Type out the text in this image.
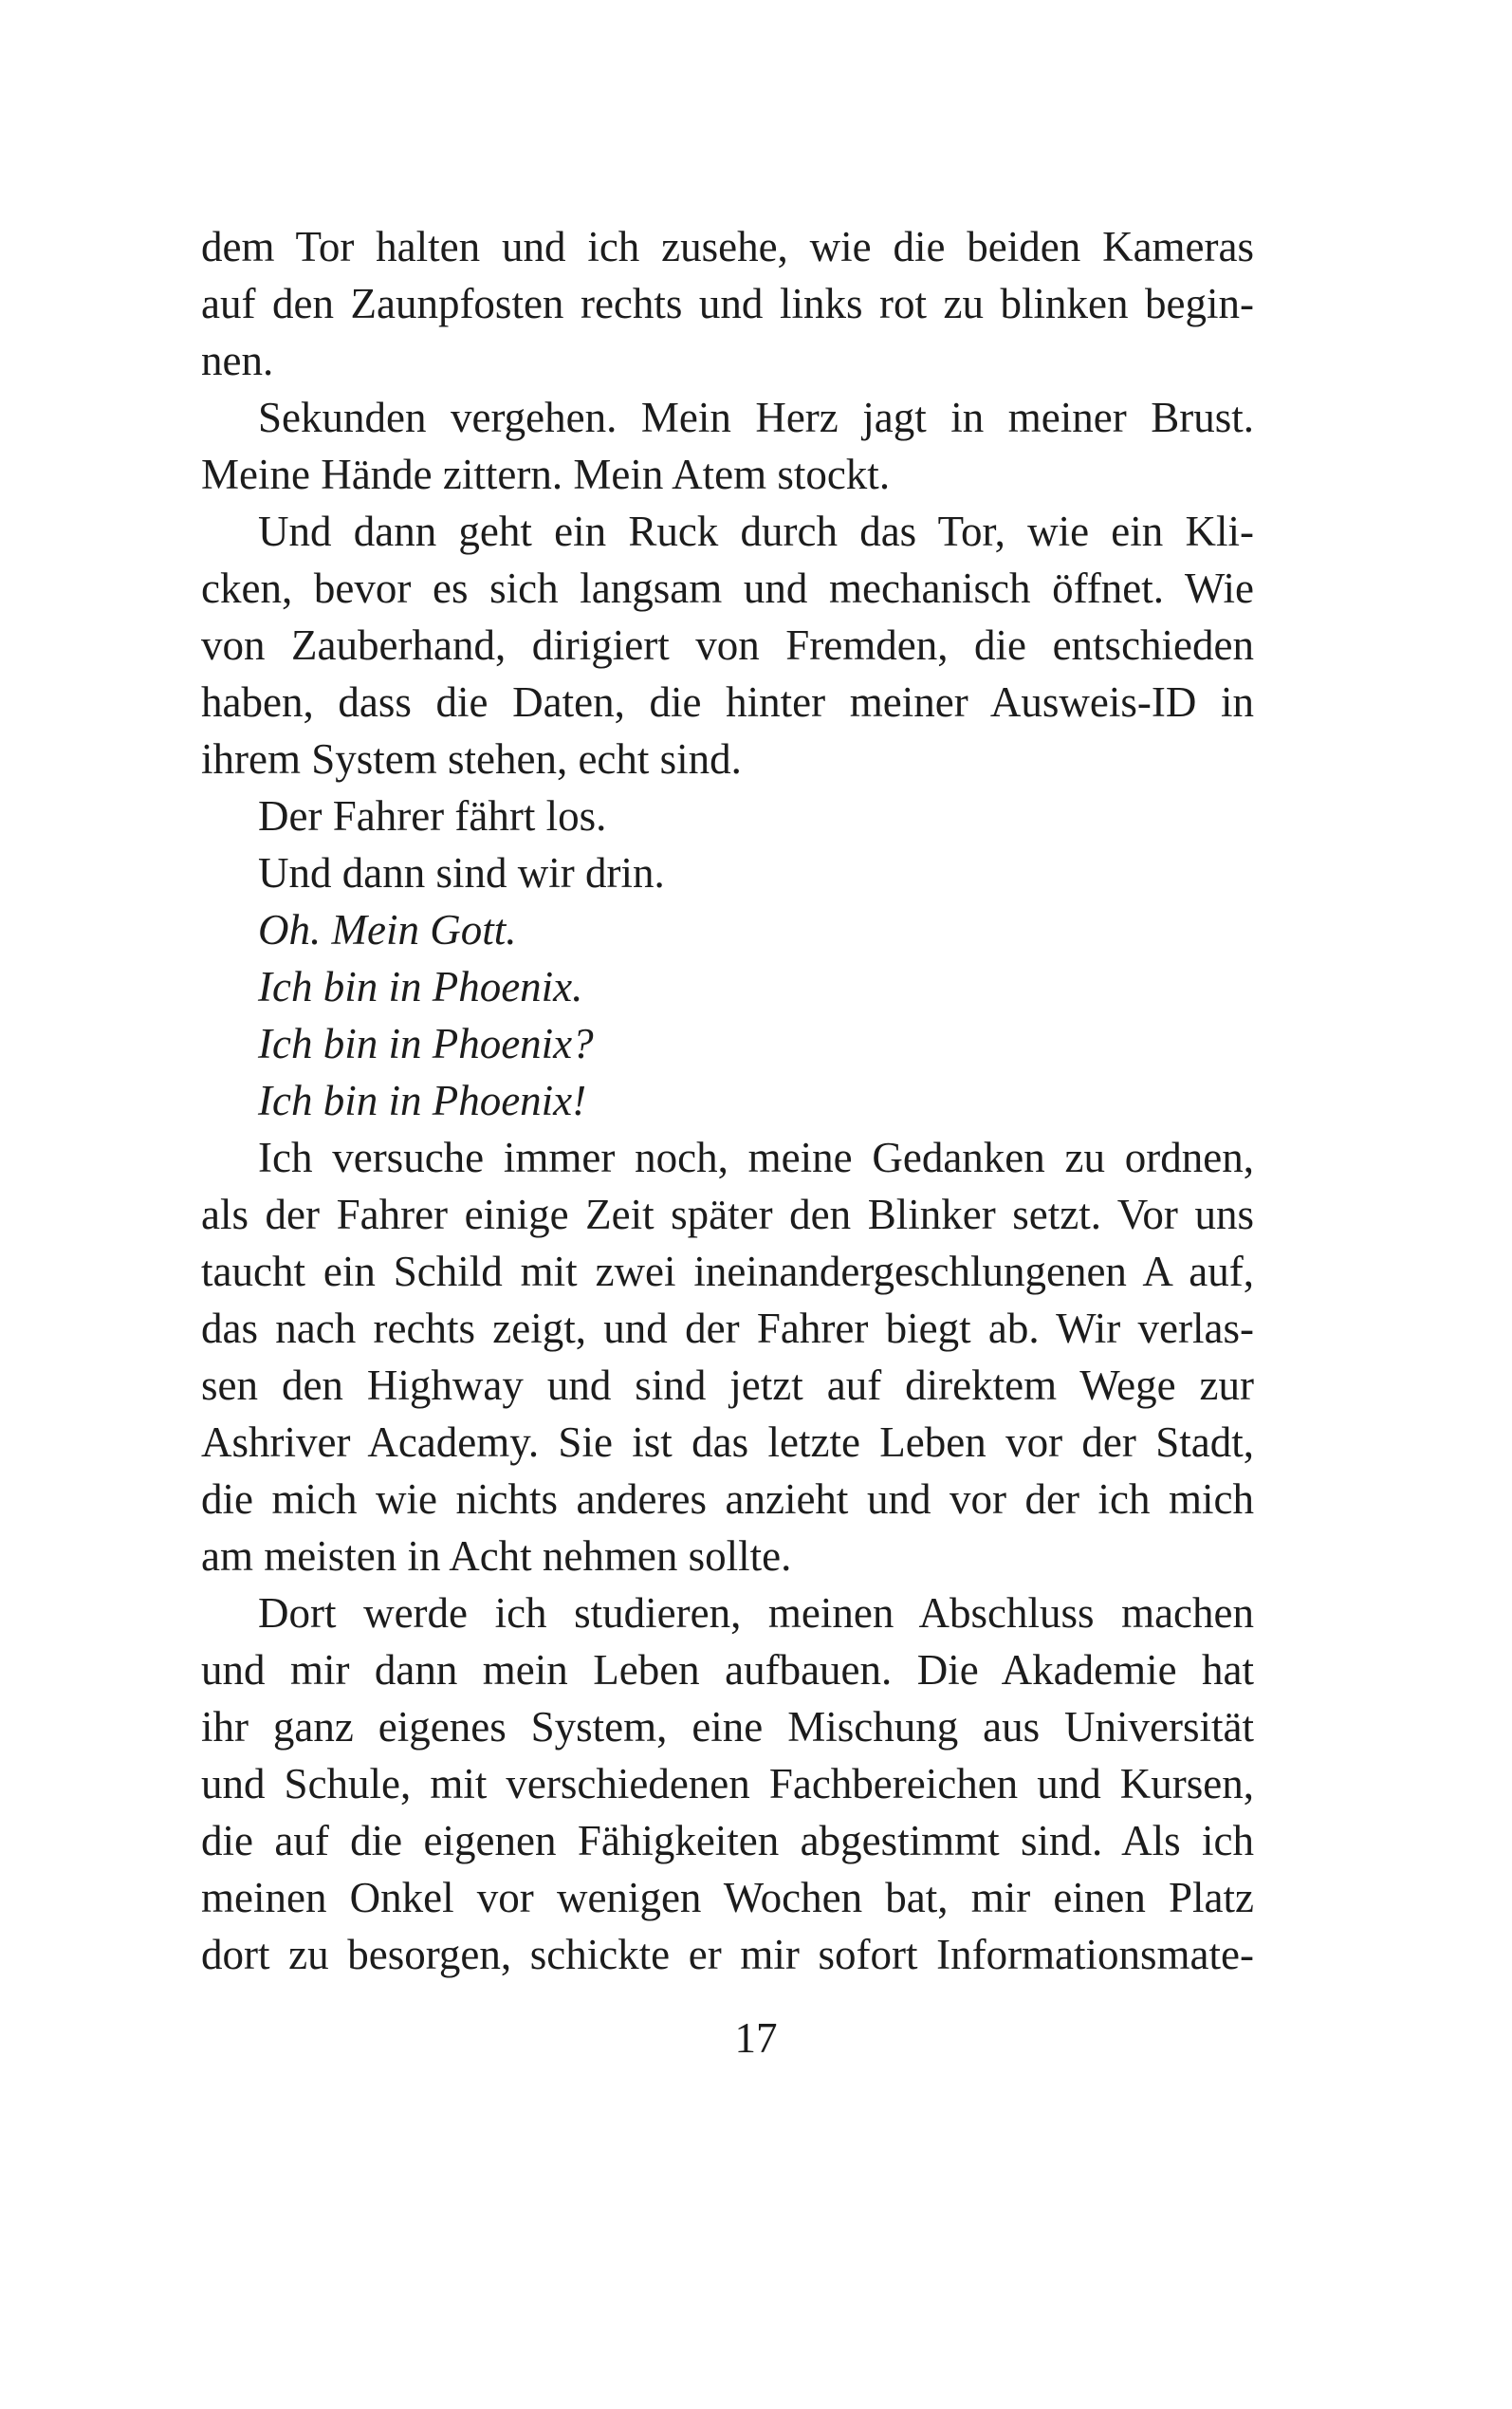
dem Tor halten und ich zusehe, wie die beiden Kameras
auf den Zaunpfosten rechts und links rot zu blinken begin-
nen.
Sekunden vergehen. Mein Herz jagt in meiner Brust.
Meine Hände zittern. Mein Atem stockt.
Und dann geht ein Ruck durch das Tor, wie ein Kli-
cken, bevor es sich langsam und mechanisch öffnet. Wie
von Zauberhand, dirigiert von Fremden, die entschieden
haben, dass die Daten, die hinter meiner Ausweis-ID in
ihrem System stehen, echt sind.
Der Fahrer fährt los.
Und dann sind wir drin.
Oh. Mein Gott.
Ich bin in Phoenix.
Ich bin in Phoenix?
Ich bin in Phoenix!
Ich versuche immer noch, meine Gedanken zu ordnen,
als der Fahrer einige Zeit später den Blinker setzt. Vor uns
taucht ein Schild mit zwei ineinandergeschlungenen A auf,
das nach rechts zeigt, und der Fahrer biegt ab. Wir verlas-
sen den Highway und sind jetzt auf direktem Wege zur
Ashriver Academy. Sie ist das letzte Leben vor der Stadt,
die mich wie nichts anderes anzieht und vor der ich mich
am meisten in Acht nehmen sollte.
Dort werde ich studieren, meinen Abschluss machen
und mir dann mein Leben aufbauen. Die Akademie hat
ihr ganz eigenes System, eine Mischung aus Universität
und Schule, mit verschiedenen Fachbereichen und Kursen,
die auf die eigenen Fähigkeiten abgestimmt sind. Als ich
meinen Onkel vor wenigen Wochen bat, mir einen Platz
dort zu besorgen, schickte er mir sofort Informationsmate-
17
